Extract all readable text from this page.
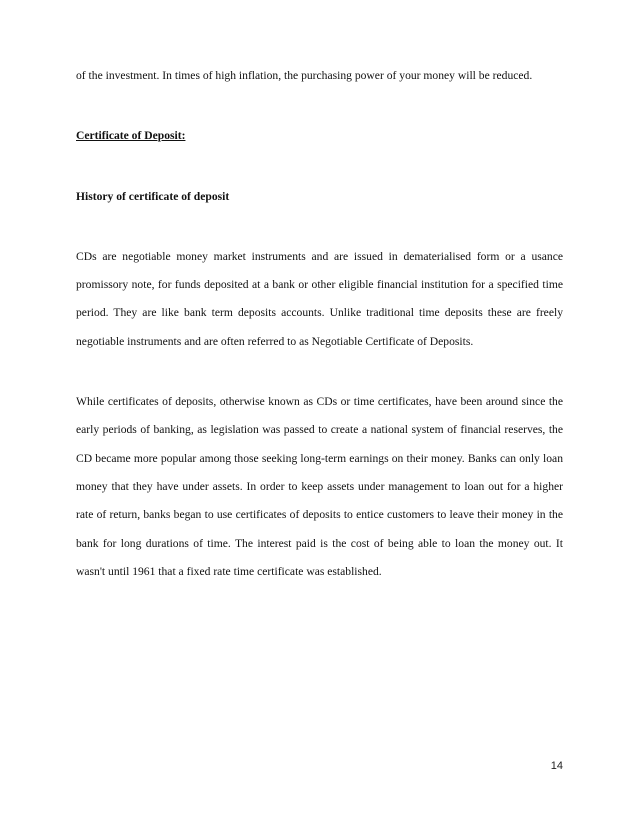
of the investment. In times of high inflation, the purchasing power of your money will be reduced.

Certificate of Deposit:

History of certificate of deposit

CDs are negotiable money market instruments and are issued in dematerialised form or a usance promissory note, for funds deposited at a bank or other eligible financial institution for a specified time period. They are like bank term deposits accounts. Unlike traditional time deposits these are freely negotiable instruments and are often referred to as Negotiable Certificate of Deposits.

While certificates of deposits, otherwise known as CDs or time certificates, have been around since the early periods of banking, as legislation was passed to create a national system of financial reserves, the CD became more popular among those seeking long-term earnings on their money. Banks can only loan money that they have under assets. In order to keep assets under management to loan out for a higher rate of return, banks began to use certificates of deposits to entice customers to leave their money in the bank for long durations of time. The interest paid is the cost of being able to loan the money out. It wasn't until 1961 that a fixed rate time certificate was established.

14
